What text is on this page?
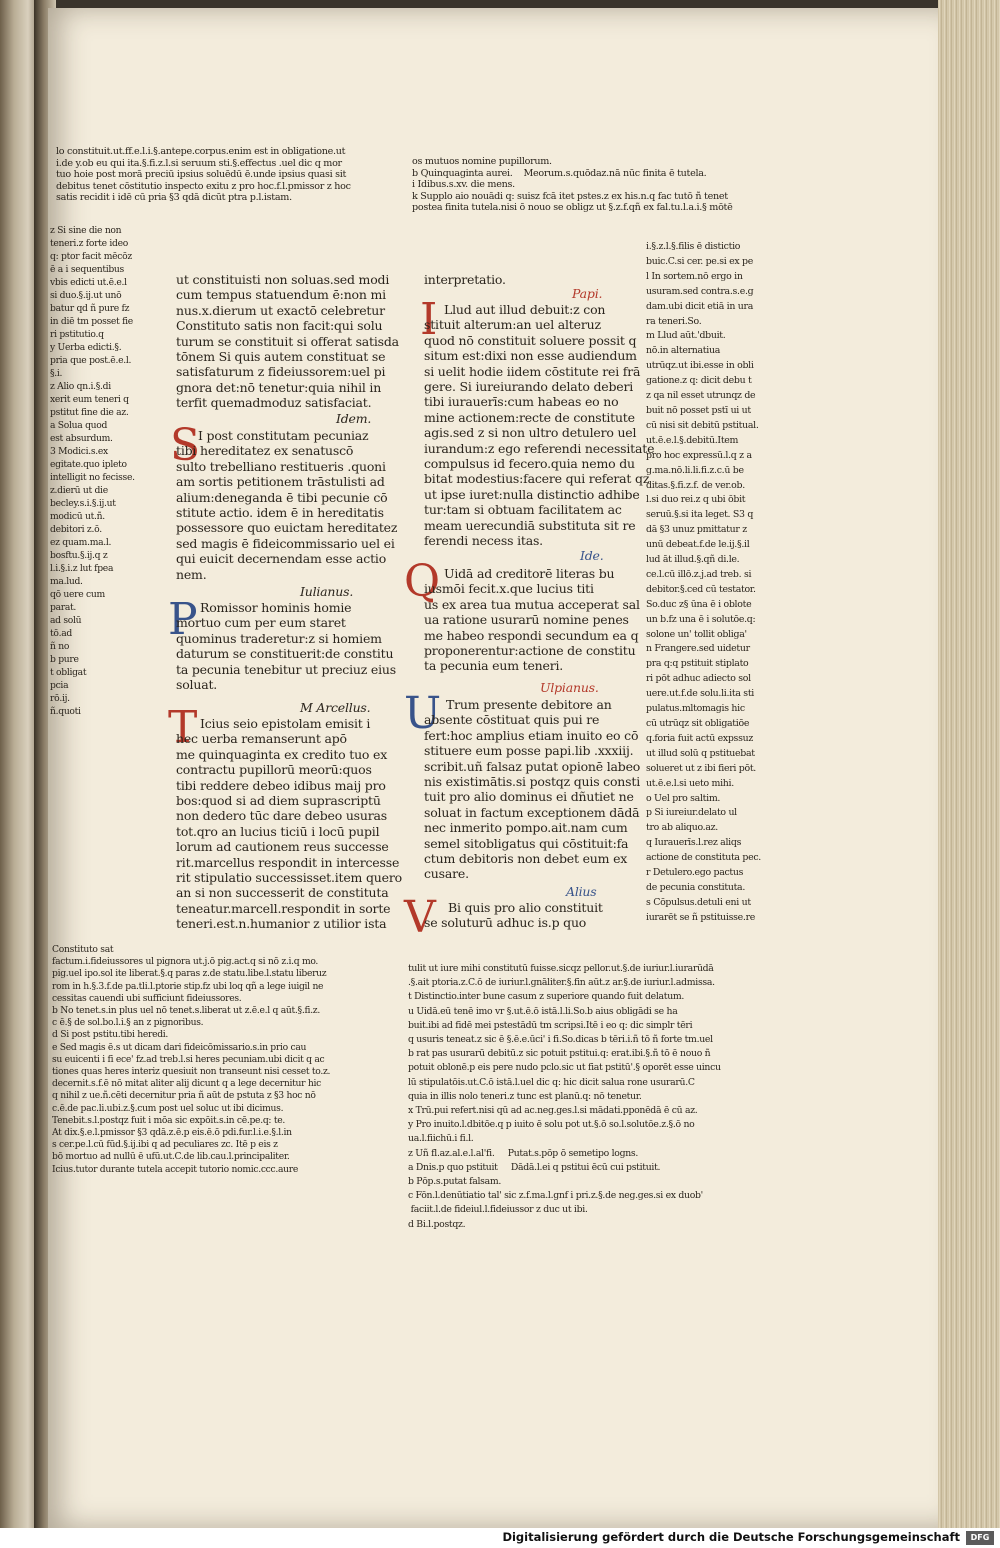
lo constituit.ut.ff.e.l.i.§.antepe.corpus.enim est in obligatione.ut
i.de y.ob eu qui ita.§.fi.z.l.si seruum sti.§.effectus .uel dic q mor
tuo hoie post morā preciū ipsius soluēdū ē.unde ipsius quasi sit
debitus tenet cōstitutio inspecto exitu z pro hoc.f.l.pmissor z hoc
satis recidit i idē cū pria §3 qdā dicūt ptra p.l.istam.
os mutuos nomine pupillorum.
b Quinquaginta aurei.    Meorum.s.quōdaz.nā nūc finita ē tutela.
i Idibus.s.xv. die mens.
k Supplo aio nouādi q: suisz fcā itet pstes.z ex his.n.q fac tutō ñ tenet
postea finita tutela.nisi ō nouo se obligz ut §.z.f.qñ ex fal.tu.l.a.i.§ mōtē
z Si sine die non
teneri.z forte ideo
q: ptor facit mēcōz
ē a i sequentibus
vbis edicti ut.ē.e.l
si duo.§.ij.ut unō
batur qd ñ pure fz
in diē tm posset fie
ri pstitutio.q
y Uerba edicti.§.
pria que post.ē.e.l.
§.i.
z Alio qn.i.§.di
xerit eum teneri q
pstitut fine die az.
a Solua quod
est absurdum.
3 Modici.s.ex
egitate.quo ipleto
intelligit no fecisse.
z.dierū ut die
becley.s.i.§.ij.ut
modicū ut.ñ.
debitori z.ō.
ez quam.ma.l.
bosftu.§.ij.q z
l.i.§.i.z lut fpea
ma.lud.
qō uere cum
parat.
ad solū
tō.ad
ñ no
b pure
t obligat
pcia
rō.ij.
ñ.quoti
ut constituisti non soluas.sed modi
cum tempus statuendum ē:non mi
nus.x.dierum ut exactō celebretur
Constituto satis non facit:qui solu
turum se constituit si offerat satisda
tōnem Si quis autem constituat se
satisfaturum z fideiussorem:uel pi
gnora det:nō tenetur:quia nihil in
terfit quemadmoduz satisfaciat.
Idem.
S
I post constitutam pecuniaz
tibi hereditatez ex senatuscō
sulto trebelliano restitueris .quoni
am sortis petitionem trāstulisti ad
alium:deneganda ē tibi pecunie cō
stitute actio. idem ē in hereditatis
possessore quo euictam hereditatez
sed magis ē fideicommissario uel
qui euicit decernendam esse actio
nem.
Iulianus.
P Romissor hominis homie
mortuo cum per eum staret
quominus traderetur:z si homiem
daturum se constituerit:de constitu
ta pecunia tenebitur ut preciuz eius
soluat.
M Arcellus.
T Icius seio epistolam emisit i
hec uerba remanserunt apō
me quinquaginta ex credito tuo ex
contractu pupillorū meorū:quos
tibi reddere debeo idibus maij pro
bos:quod si ad diem suprascriptū
non dedero tūc dare debeo usuras
tot.qro an lucius ticiū i locū pupil
lorum ad cautionem reus successe
rit.marcellus respondit in intercesse
rit stipulatio successisset.item quero
an si non successerit de constituta
teneatur.marcell.respondit in sorte
teneri.est.n.humanior z utilior ista
interpretatio.
Papi.
I Llud aut illud debuit:z con
stituit alterum:an uel alteruz
quod nō constituit soluere possit q
situm est:dixi non esse audiendum
si uelit hodie iidem cōstitute rei frā
gere. Si iureiurando delato deberi
tibi iurauerīs:cum habeas eo no
mine actionem:recte de constitute
agis.sed z si non ultro detulero uel
iurandum:z ego referendi necessitate
compulsus id fecero.quia nemo du
bitat modestius:facere qui referat
ut ipse iuret:nulla distinctio adhibe
tur:tam si obtuam facilitatem ac
meam uerecundiā substituta sit re
ferendi necess itas.
Ide.
Q Uidā ad creditorē literas bu
iusmōi fecit.x.que lucius titi
us ex area tua mutua acceperat sal
ua ratione usurarū nomine penes
me habeo respondi secundum ea
proponerentur:actione de constitu
ta pecunia eum teneri.
Ulpianus.
U Trum presente debitore an
absente cōstituat quis pui re
fert:hoc amplius etiam inuito eo cō
stituere eum posse papi.lib .xxxiij.
scribit.uñ falsaz putat opionē labeo
nis existimātis.si postqz quis consti
tuit pro alio dominus ei dñutiet ne
soluat in factum exceptionem dādā
nec inmerito pompo.ait.nam cum
semel sitobligatus qui cōstituit:fa
ctum debitoris non debet eum ex
cusare.
Alius
V Bi quis pro alio constituit
se soluturū adhuc is.p quo
i.§.z.l.§.filis ē distictio
buic.C.si cer. pe.si ex pe
l In sortem.nō ergo in
usuram.sed contra.s.e.g
dam.ubi dicit etiā in ura
ra teneri.So.
m Llud aūt.'dbuit.
nō.in alternatiua
utrūqz.ut ibi.esse in obli
gatione.z q: dicit debu t
z qa nil esset utrunqz de
buit nō posset pstī ui ut
cū nisi sit debitū pstitual.
ut.ē.e.l.§.debitū.Item
pro hoc expressū.l.q z a
g.ma.nō.li.li.fi.z.c.ū be
ditas.§.fi.z.f. de ver.ob.
l.si duo rei.z q ubi ōbit
seruū.§.si ita leget. S3 q
dā §3 unuz pmittatur z
unū debeat.f.de le.ij.§.il
lud āt illud.§.qñ di.le.
ce.l.cū illō.z.j.ad treb. si
debitor.§.ced cū testator.
So.duc z§ ūna ē i oblote
un b.fz una ē i solutōe.q:
solone un' tollit obliga'
n Frangere.sed uidetur
pra q:q pstituit stiplato
ri pōt adhuc adiecto sol
uere.ut.f.de solu.li.ita sti
pulatus.mltomagis hic
cū utrūqz sit obligatiōe
q.foria fuit actū expssuz
ut illud solū q pstituebat
solueret ut z ibi fieri pōt.
ut.ē.e.l.si ueto mihi.
o Uel pro saltim.
p Si iureiur.delato ul
tro ab aliquo.az.
q Iurauerīs.l.rez aliqs
actione de constituta pec.
r Detulero.ego pactus
de pecunia constituta.
s Cōpulsus.detuli eni ut
iurarēt se ñ pstituisse.re
Constituto sat
factum.i.fideiussores ul pignora ut.j.ō pig.act.q si nō z.i.q mo.
pig.uel ipo.sol ite liberat.§.q paras z.de statu.libe.l.statu liberuz
rom in h.§.3.f.de pa.tli.l.ptorie stip.fz ubi loq qñ a lege iuigil ne
cessitas cauendi ubi sufficiunt fideiussores.
b No tenet.s.in plus uel nō tenet.s.liberat ut z.ē.e.l q aūt.§.fi.z.
c ē.§ de sol.bo.l.i.§ an z pignoribus.
d Si post pstitu.tibi heredi.
e Sed magis ē.s ut dicam dari fideicōmissario.s.in prio cau
su euicenti i fi ece' fz.ad treb.l.si heres pecuniam.ubi dicit q ac
tiones quas heres interiz quesiuit non transeunt nisi cesset to.z.
decernit.s.f.ē nō mitat aliter alij dicunt q a lege decernitur hic
q nihil z ue.ñ.cēti decernitur pria ñ aūt de pstuta z §3 hoc nō
c.ē.de pac.li.ubi.z.§.cum post uel soluc ut ibi dicimus.
Tenebit.s.l.postqz fuit i mōa sic expōit.s.in cē.pe.q: te.
At dix.§.e.l.pmissor §3 qdā.z.ē.p eis.ē.ō pdi.fur.l.i.e.§.l.in
s cer.pe.l.cū fūd.§.ij.ibi q ad peculiares zc. Itē p eis z
bō mortuo ad nullū ē ufū.ut.C.de lib.cau.l.principaliter.
Icius.tutor durante tutela accepit tutorio nomic.ccc.aure
tulit ut iure mihi constitutū fuisse.sicqz pellor.ut.§.de iuriur.l.iurarūdā
.§.ait ptoria.z.C.ō de iuriur.l.gnāliter.§.fin aūt.z ar.§.de iuriur.l.admissa.
t Distinctio.inter bune casum z superiore quando fuit delatum.
u Uidā.eū tenē imo vr §.ut.ē.ō istā.l.li.So.b aius obligādi se ha
buit.ibi ad fidē mei pstestādū tm scripsi.Itē i eo q: dic simplr tēri
q usuris teneat.z sic ē §.ē.e.ūci' i fi.So.dicas b tēri.i.ñ tō ñ forte tm.uel
b rat pas usurarū debitū.z sic potuit pstitui.q: erat.ibi.§.ñ tō ē nouo ñ
potuit oblonē.p eis pere nudo pclo.sic ut fiat pstitū'.§ oporēt esse uincu
lū stipulatōis.ut.C.ō istā.l.uel dic q: hic dicit salua rone usurarū.C
quia in illis nolo teneri.z tunc est planū.q: nō tenetur.
x Trū.pui refert.nisi qū ad ac.neg.ges.l.si mādati.pponēdā ē cū az.
y Pro inuito.l.dbitōe.q p iuito ē solu pot ut.§.ō so.l.solutōe.z.§.ō no
ua.l.fiichū.i fi.l.
z Uñ fl.az.al.e.l.al'fi.     Putat.s.pōp ō semetipo logns.
a Dnis.p quo pstituit     Dādā.l.ei q pstitui ēcū cui pstituit.
b Pōp.s.putat falsam.
c Fōn.l.denūtiatio tal' sic z.f.ma.l.gnf i pri.z.§.de neg.ges.si ex duob'
faciit.l.de fideiul.l.fideiussor z duc ut ibi.
d Bi.l.postqz.
Digitalisierung gefördert durch die Deutsche Forschungsgemeinschaft	DFG
